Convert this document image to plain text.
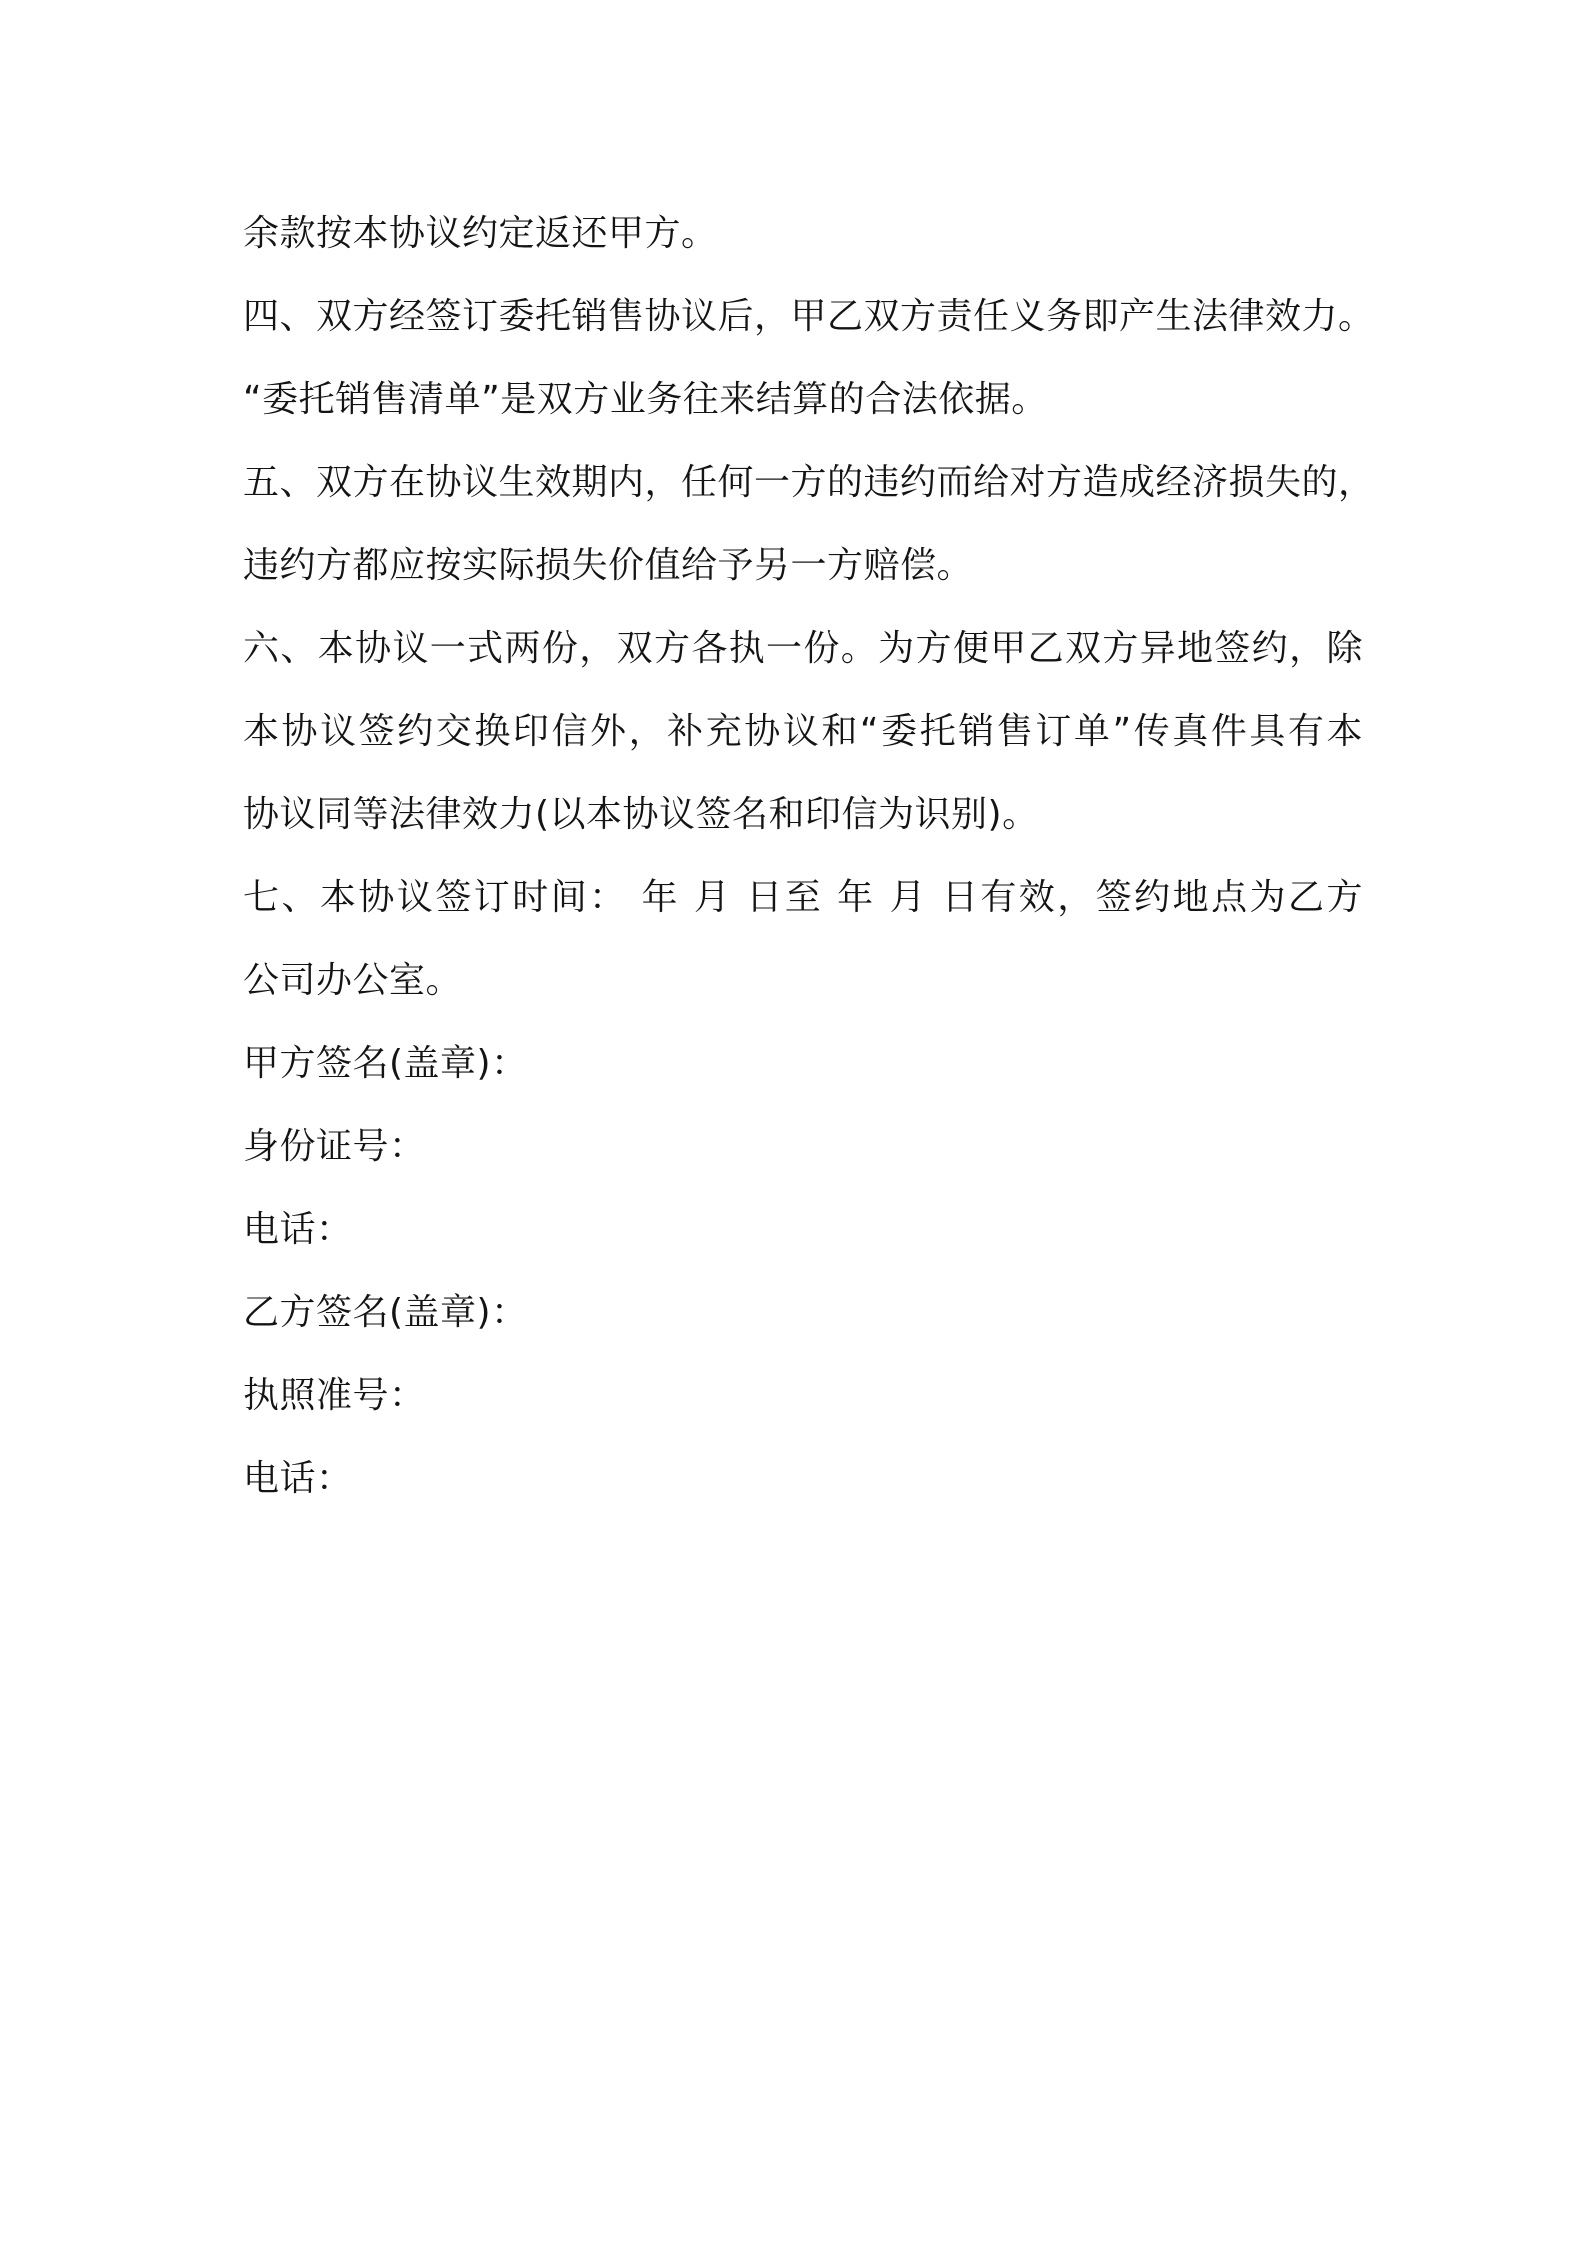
余款按本协议约定返还甲方。
四、双方经签订委托销售协议后，甲乙双方责任义务即产生法律效力。
“委托销售清单”是双方业务往来结算的合法依据。
五、双方在协议生效期内，任何一方的违约而给对方造成经济损失的，
违约方都应按实际损失价值给予另一方赔偿。
六、本协议一式两份，双方各执一份。为方便甲乙双方异地签约，除
本协议签约交换印信外，补充协议和“委托销售订单”传真件具有本
协议同等法律效力(以本协议签名和印信为识别)。
七、本协议签订时间： 年 月 日至 年 月 日有效，签约地点为乙方
公司办公室。
甲方签名(盖章)：
身份证号：
电话：
乙方签名(盖章)：
执照准号：
电话：
